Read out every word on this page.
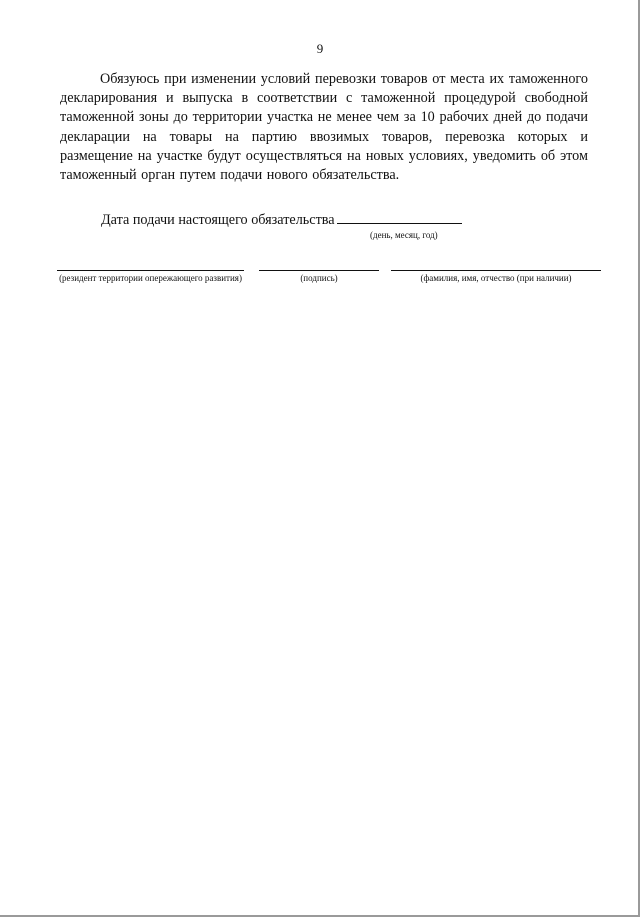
9

Обязуюсь при изменении условий перевозки товаров от места их таможенного декларирования и выпуска в соответствии с таможенной процедурой свободной таможенной зоны до территории участка не менее чем за 10 рабочих дней до подачи декларации на товары на партию ввозимых товаров, перевозка которых и размещение на участке будут осуществляться на новых условиях, уведомить об этом таможенный орган путем подачи нового обязательства.

Дата подачи настоящего обязательства
(день, месяц, год)
(резидент территории опережающего развития)	(подпись)	(фамилия, имя, отчество (при наличии)
